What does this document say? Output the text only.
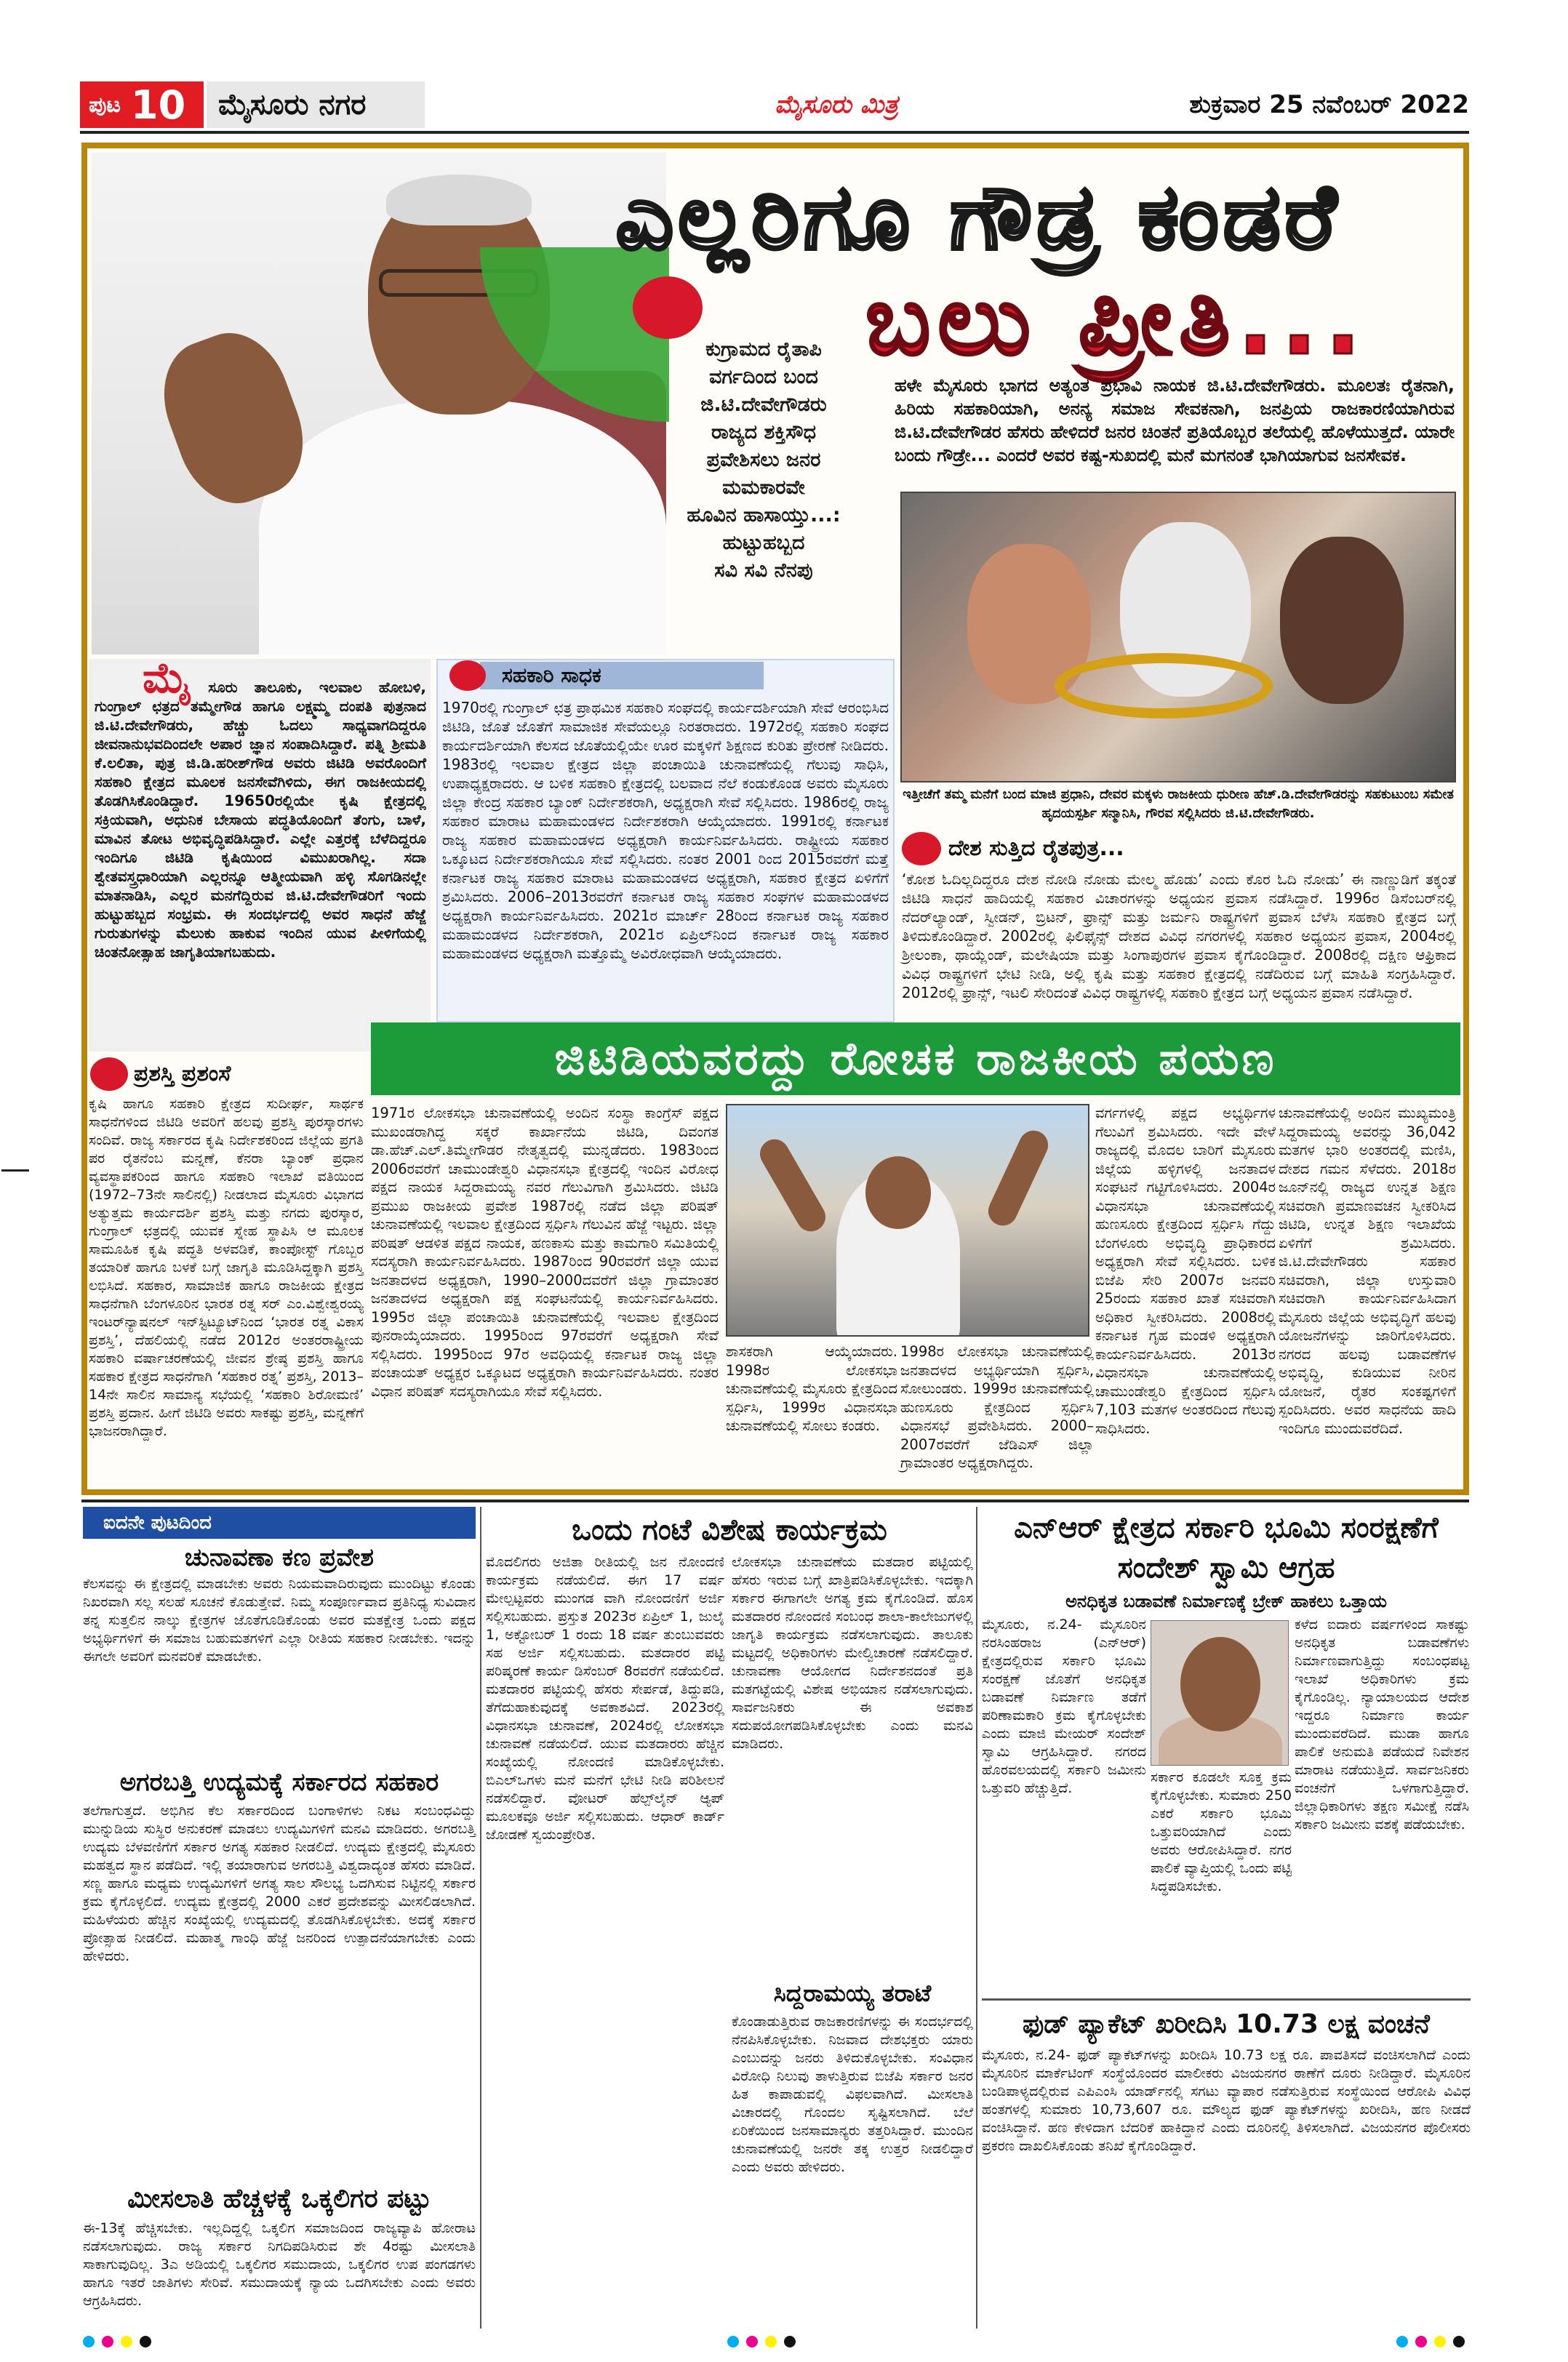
ಪುಟ 10	ಮೈಸೂರು ನಗರ	ಮೈಸೂರು ಮಿತ್ರ	ಶುಕ್ರವಾರ 25 ನವೆಂಬರ್ 2022
ಎಲ್ಲರಿಗೂ ಗೌಡ್ರ ಕಂಡರೆ
ಬಲು ಪ್ರೀತಿ...
ಕುಗ್ರಾಮದ ರೈತಾಪಿ
ವರ್ಗದಿಂದ ಬಂದ
ಜಿ.ಟಿ.ದೇವೇಗೌಡರು
ರಾಜ್ಯದ ಶಕ್ತಿಸೌಧ
ಪ್ರವೇಶಿಸಲು ಜನರ
ಮಮಕಾರವೇ
ಹೂವಿನ ಹಾಸಾಯ್ತು...:
ಹುಟ್ಟುಹಬ್ಬದ
ಸವಿ ಸವಿ ನೆನಪು
ಹಳೇ ಮೈಸೂರು ಭಾಗದ ಅತ್ಯಂತ ಪ್ರಭಾವಿ ನಾಯಕ ಜಿ.ಟಿ.ದೇವೇಗೌಡರು. ಮೂಲತಃ ರೈತನಾಗಿ, ಹಿರಿಯ ಸಹಕಾರಿಯಾಗಿ, ಅನನ್ಯ ಸಮಾಜ ಸೇವಕನಾಗಿ, ಜನಪ್ರಿಯ ರಾಜಕಾರಣಿಯಾಗಿರುವ ಜಿ.ಟಿ.ದೇವೇಗೌಡರ ಹೆಸರು ಹೇಳಿದರೆ ಜನರ ಚಿಂತನೆ ಪ್ರತಿಯೊಬ್ಬರ ತಲೆಯಲ್ಲಿ ಹೊಳೆಯುತ್ತದೆ. ಯಾರೇ ಬಂದು ಗೌಡ್ರೇ... ಎಂದರೆ ಅವರ ಕಷ್ಟ-ಸುಖದಲ್ಲಿ ಮನೆ ಮಗನಂತೆ ಭಾಗಿಯಾಗುವ ಜನಸೇವಕ.
ಇತ್ತೀಚೆಗೆ ತಮ್ಮ ಮನೆಗೆ ಬಂದ ಮಾಜಿ ಪ್ರಧಾನಿ, ದೇವರ ಮಕ್ಕಳು ರಾಜಕೀಯ ಧುರೀಣ ಹೆಚ್.ಡಿ.ದೇವೇಗೌಡರನ್ನು ಸಹಕುಟುಂಬ ಸಮೇತ ಹೃದಯಸ್ಪರ್ಶಿ ಸನ್ಮಾನಿಸಿ, ಗೌರವ ಸಲ್ಲಿಸಿದರು ಜಿ.ಟಿ.ದೇವೇಗೌಡರು.
ದೇಶ ಸುತ್ತಿದ ರೈತಪುತ್ರ...
‘ಕೋಶ ಓದಿಲ್ಲದಿದ್ದರೂ ದೇಶ ನೋಡಿ ನೋಡು ಮೇಲ್ಮ ಹೊಡು’ ಎಂದು ಕೊರ ಓದಿ ನೋಡು’ ಈ ನಾಣ್ಣುಡಿಗೆ ತಕ್ಕಂತೆ ಜಿಟಿಡಿ ಸಾಧನೆ ಹಾದಿಯಲ್ಲಿ ಸಹಕಾರ ವಿಚಾರಗಳನ್ನು ಅಧ್ಯಯನ ಪ್ರವಾಸ ನಡೆಸಿದ್ದಾರೆ. 1996ರ ಡಿಸೆಂಬರ್‌ನಲ್ಲಿ ನೆದರ್‌ಲ್ಯಾಂಡ್, ಸ್ವೀಡನ್, ಬ್ರಿಟನ್, ಫ್ರಾನ್ಸ್ ಮತ್ತು ಜರ್ಮನಿ ರಾಷ್ಟ್ರಗಳಿಗೆ ಪ್ರವಾಸ ಬೆಳೆಸಿ ಸಹಕಾರಿ ಕ್ಷೇತ್ರದ ಬಗ್ಗೆ ತಿಳಿದುಕೊಂಡಿದ್ದಾರೆ. 2002ರಲ್ಲಿ ಫಿಲಿಫೈನ್ಸ್ ದೇಶದ ವಿವಿಧ ನಗರಗಳಲ್ಲಿ ಸಹಕಾರ ಅಧ್ಯಯನ ಪ್ರವಾಸ, 2004ರಲ್ಲಿ ಶ್ರೀಲಂಕಾ, ಥಾಯ್ಲೆಂಡ್, ಮಲೇಷಿಯಾ ಮತ್ತು ಸಿಂಗಾಪುರಗಳ ಪ್ರವಾಸ ಕೈಗೊಂಡಿದ್ದಾರೆ. 2008ರಲ್ಲಿ ದಕ್ಷಿಣ ಆಫ್ರಿಕಾದ ವಿವಿಧ ರಾಷ್ಟ್ರಗಳಿಗೆ ಭೇಟಿ ನೀಡಿ, ಅಲ್ಲಿ ಕೃಷಿ ಮತ್ತು ಸಹಕಾರ ಕ್ಷೇತ್ರದಲ್ಲಿ ನಡೆದಿರುವ ಬಗ್ಗೆ ಮಾಹಿತಿ ಸಂಗ್ರಹಿಸಿದ್ದಾರೆ. 2012ರಲ್ಲಿ ಫ್ರಾನ್ಸ್, ಇಟಲಿ ಸೇರಿದಂತೆ ವಿವಿಧ ರಾಷ್ಟ್ರಗಳಲ್ಲಿ ಸಹಕಾರಿ ಕ್ಷೇತ್ರದ ಬಗ್ಗೆ ಅಧ್ಯಯನ ಪ್ರವಾಸ ನಡೆಸಿದ್ದಾರೆ.
ಮೈ ಸೂರು ತಾಲೂಕು, ಇಲವಾಲ ಹೋಬಳಿ, ಗುಂಗ್ರಾಲ್ ಛತ್ರದ ತಮ್ಮೇಗೌಡ ಹಾಗೂ ಲಕ್ಷ್ಮಮ್ಮ ದಂಪತಿ ಪುತ್ರನಾದ ಜಿ.ಟಿ.ದೇವೇಗೌಡರು, ಹೆಚ್ಚು ಓದಲು ಸಾಧ್ಯವಾಗದಿದ್ದರೂ ಜೀವನಾನುಭವದಿಂದಲೇ ಅಪಾರ ಜ್ಞಾನ ಸಂಪಾದಿಸಿದ್ದಾರೆ. ಪತ್ನಿ ಶ್ರೀಮತಿ ಕೆ.ಲಲಿತಾ, ಪುತ್ರ ಜಿ.ಡಿ.ಹರೀಶ್‌ಗೌಡ ಅವರು ಜಿಟಿಡಿ ಅವರೊಂದಿಗೆ ಸಹಕಾರಿ ಕ್ಷೇತ್ರದ ಮೂಲಕ ಜನಸೇವೆಗಿಳಿದು, ಈಗ ರಾಜಕೀಯದಲ್ಲಿ ತೊಡಗಿಸಿಕೊಂಡಿದ್ದಾರೆ. 19650ರಲ್ಲಿಯೇ ಕೃಷಿ ಕ್ಷೇತ್ರದಲ್ಲಿ ಸಕ್ರಿಯವಾಗಿ, ಅಧುನಿಕ ಬೇಸಾಯ ಪದ್ಧತಿಯೊಂದಿಗೆ ತೆಂಗು, ಬಾಳೆ, ಮಾವಿನ ತೋಟ ಅಭಿವೃದ್ಧಿಪಡಿಸಿದ್ದಾರೆ. ಎಲ್ಲೇ ಎತ್ತರಕ್ಕೆ ಬೆಳೆದಿದ್ದರೂ ಇಂದಿಗೂ ಜಿಟಿಡಿ ಕೃಷಿಯಿಂದ ವಿಮುಖರಾಗಿಲ್ಲ. ಸದಾ ಶ್ವೇತವಸ್ತ್ರಧಾರಿಯಾಗಿ ಎಲ್ಲರನ್ನೂ ಆತ್ಮೀಯವಾಗಿ ಹಳ್ಳಿ ಸೊಗಡಿನಲ್ಲೇ ಮಾತನಾಡಿಸಿ, ಎಲ್ಲರ ಮನಗೆದ್ದಿರುವ ಜಿ.ಟಿ.ದೇವೇಗೌಡರಿಗೆ ಇಂದು ಹುಟ್ಟುಹಬ್ಬದ ಸಂಭ್ರಮ. ಈ ಸಂದರ್ಭದಲ್ಲಿ ಅವರ ಸಾಧನೆ ಹೆಜ್ಜೆ ಗುರುತುಗಳನ್ನು ಮೆಲುಕು ಹಾಕುವ ಇಂದಿನ ಯುವ ಪೀಳಿಗೆಯಲ್ಲಿ ಚಿಂತನೋತ್ಸಾಹ ಜಾಗೃತಿಯಾಗಬಹುದು.
ಸಹಕಾರಿ ಸಾಧಕ
1970ರಲ್ಲಿ ಗುಂಗ್ರಾಲ್ ಛತ್ರ ಪ್ರಾಥಮಿಕ ಸಹಕಾರಿ ಸಂಘದಲ್ಲಿ ಕಾರ್ಯದರ್ಶಿಯಾಗಿ ಸೇವೆ ಆರಂಭಿಸಿದ ಜಿಟಿಡಿ, ಜೊತೆ ಜೊತೆಗೆ ಸಾಮಾಜಿಕ ಸೇವೆಯಲ್ಲೂ ನಿರತರಾದರು. 1972ರಲ್ಲಿ ಸಹಕಾರಿ ಸಂಘದ ಕಾರ್ಯದರ್ಶಿಯಾಗಿ ಕೆಲಸದ ಜೊತೆಯಲ್ಲಿಯೇ ಊರ ಮಕ್ಕಳಿಗೆ ಶಿಕ್ಷಣದ ಕುರಿತು ಪ್ರೇರಣೆ ನೀಡಿದರು. 1983ರಲ್ಲಿ ಇಲವಾಲ ಕ್ಷೇತ್ರದ ಜಿಲ್ಲಾ ಪಂಚಾಯಿತಿ ಚುನಾವಣೆಯಲ್ಲಿ ಗೆಲುವು ಸಾಧಿಸಿ, ಉಪಾಧ್ಯಕ್ಷರಾದರು. ಆ ಬಳಿಕ ಸಹಕಾರಿ ಕ್ಷೇತ್ರದಲ್ಲಿ ಬಲವಾದ ನೆಲೆ ಕಂಡುಕೊಂಡ ಅವರು ಮೈಸೂರು ಜಿಲ್ಲಾ ಕೇಂದ್ರ ಸಹಕಾರ ಬ್ಯಾಂಕ್ ನಿರ್ದೇಶಕರಾಗಿ, ಅಧ್ಯಕ್ಷರಾಗಿ ಸೇವೆ ಸಲ್ಲಿಸಿದರು. 1986ರಲ್ಲಿ ರಾಜ್ಯ ಸಹಕಾರ ಮಾರಾಟ ಮಹಾಮಂಡಳದ ನಿರ್ದೇಶಕರಾಗಿ ಆಯ್ಕೆಯಾದರು. 1991ರಲ್ಲಿ ಕರ್ನಾಟಕ ರಾಜ್ಯ ಸಹಕಾರ ಮಹಾಮಂಡಳದ ಅಧ್ಯಕ್ಷರಾಗಿ ಕಾರ್ಯನಿರ್ವಹಿಸಿದರು. ರಾಷ್ಟ್ರೀಯ ಸಹಕಾರ ಒಕ್ಕೂಟದ ನಿರ್ದೇಶಕರಾಗಿಯೂ ಸೇವೆ ಸಲ್ಲಿಸಿದರು. ನಂತರ 2001 ರಿಂದ 2015ರವರೆಗೆ ಮತ್ತೆ ಕರ್ನಾಟಕ ರಾಜ್ಯ ಸಹಕಾರ ಮಾರಾಟ ಮಹಾಮಂಡಳದ ಅಧ್ಯಕ್ಷರಾಗಿ, ಸಹಕಾರ ಕ್ಷೇತ್ರದ ಏಳಿಗೆಗೆ ಶ್ರಮಿಸಿದರು. 2006–2013ರವರೆಗೆ ಕರ್ನಾಟಕ ರಾಜ್ಯ ಸಹಕಾರ ಸಂಘಗಳ ಮಹಾಮಂಡಳದ ಅಧ್ಯಕ್ಷರಾಗಿ ಕಾರ್ಯನಿರ್ವಹಿಸಿದರು. 2021ರ ಮಾರ್ಚ್ 28ರಿಂದ ಕರ್ನಾಟಕ ರಾಜ್ಯ ಸಹಕಾರ ಮಹಾಮಂಡಳದ ನಿರ್ದೇಶಕರಾಗಿ, 2021ರ ಏಪ್ರಿಲ್‌ನಿಂದ ಕರ್ನಾಟಕ ರಾಜ್ಯ ಸಹಕಾರ ಮಹಾಮಂಡಳದ ಅಧ್ಯಕ್ಷರಾಗಿ ಮತ್ತೊಮ್ಮೆ ಅವಿರೋಧವಾಗಿ ಆಯ್ಕೆಯಾದರು.
ಜಿಟಿಡಿಯವರದ್ದು ರೋಚಕ ರಾಜಕೀಯ ಪಯಣ
ಪ್ರಶಸ್ತಿ ಪ್ರಶಂಸೆ
ಕೃಷಿ ಹಾಗೂ ಸಹಕಾರಿ ಕ್ಷೇತ್ರದ ಸುದೀರ್ಘ, ಸಾರ್ಥಕ ಸಾಧನೆಗಳಿಂದ ಜಿಟಿಡಿ ಅವರಿಗೆ ಹಲವು ಪ್ರಶಸ್ತಿ ಪುರಸ್ಕಾರಗಳು ಸಂದಿವೆ. ರಾಜ್ಯ ಸರ್ಕಾರದ ಕೃಷಿ ನಿರ್ದೇಶಕರಿಂದ ಜಿಲ್ಲೆಯ ಪ್ರಗತಿ ಪರ ರೈತನೆಂಬ ಮನ್ನಣೆ, ಕೆನರಾ ಬ್ಯಾಂಕ್ ಪ್ರಧಾನ ವ್ಯವಸ್ಥಾಪಕರಿಂದ ಹಾಗೂ ಸಹಕಾರಿ ಇಲಾಖೆ ವತಿಯಿಂದ (1972–73ನೇ ಸಾಲಿನಲ್ಲಿ) ನೀಡಲಾದ ಮೈಸೂರು ವಿಭಾಗದ ಅತ್ಯುತ್ತಮ ಕಾರ್ಯದರ್ಶಿ ಪ್ರಶಸ್ತಿ ಮತ್ತು ನಗದು ಪುರಸ್ಕಾರ, ಗುಂಗ್ರಾಲ್ ಛತ್ರದಲ್ಲಿ ಯುವಕ ಸ್ನೇಹ ಸ್ಥಾಪಿಸಿ ಆ ಮೂಲಕ ಸಾಮೂಹಿಕ ಕೃಷಿ ಪದ್ಧತಿ ಅಳವಡಿಕೆ, ಕಾಂಪೋಸ್ಟ್ ಗೊಬ್ಬರ ತಯಾರಿಕೆ ಹಾಗೂ ಬಳಕೆ ಬಗ್ಗೆ ಜಾಗೃತಿ ಮೂಡಿಸಿದ್ದಕ್ಕಾಗಿ ಪ್ರಶಸ್ತಿ ಲಭಿಸಿದೆ. ಸಹಕಾರ, ಸಾಮಾಜಿಕ ಹಾಗೂ ರಾಜಕೀಯ ಕ್ಷೇತ್ರದ ಸಾಧನೆಗಾಗಿ ಬೆಂಗಳೂರಿನ ಭಾರತ ರತ್ನ ಸರ್ ಎಂ.ವಿಶ್ವೇಶ್ವರಯ್ಯ ಇಂಟರ್‌ನ್ಯಾಷನಲ್ ಇನ್‌ಸ್ಟಿಟ್ಯೂಟ್‌ನಿಂದ ‘ಭಾರತ ರತ್ನ ವಿಕಾಸ ಪ್ರಶಸ್ತಿ’, ದೆಹಲಿಯಲ್ಲಿ ನಡೆದ 2012ರ ಅಂತರರಾಷ್ಟ್ರೀಯ ಸಹಕಾರಿ ವರ್ಷಾಚರಣೆಯಲ್ಲಿ ಜೀವನ ಶ್ರೇಷ್ಠ ಪ್ರಶಸ್ತಿ ಹಾಗೂ ಸಹಕಾರ ಕ್ಷೇತ್ರದ ಸಾಧನೆಗಾಗಿ ‘ಸಹಕಾರ ರತ್ನ’ ಪ್ರಶಸ್ತಿ, 2013–14ನೇ ಸಾಲಿನ ಸಾಮಾನ್ಯ ಸಭೆಯಲ್ಲಿ ‘ಸಹಕಾರಿ ಶಿರೋಮಣಿ’ ಪ್ರಶಸ್ತಿ ಪ್ರದಾನ. ಹೀಗೆ ಜಿಟಿಡಿ ಅವರು ಸಾಕಷ್ಟು ಪ್ರಶಸ್ತಿ, ಮನ್ನಣೆಗೆ ಭಾಜನರಾಗಿದ್ದಾರೆ.
1971ರ ಲೋಕಸಭಾ ಚುನಾವಣೆಯಲ್ಲಿ ಅಂದಿನ ಸಂಸ್ಥಾ ಕಾಂಗ್ರೆಸ್ ಪಕ್ಷದ ಮುಖಂಡರಾಗಿದ್ದ ಸಕ್ಕರೆ ಕಾರ್ಖಾನೆಯ ಜಿಟಿಡಿ, ದಿವಂಗತ ಡಾ.ಹೆಚ್.ಎಲ್.ತಿಮ್ಮೇಗೌಡರ ನೇತೃತ್ವದಲ್ಲಿ ಮುನ್ನಡೆದರು. 1983ರಿಂದ 2006ರವರೆಗೆ ಚಾಮುಂಡೇಶ್ವರಿ ವಿಧಾನಸಭಾ ಕ್ಷೇತ್ರದಲ್ಲಿ ಇಂದಿನ ವಿರೋಧ ಪಕ್ಷದ ನಾಯಕ ಸಿದ್ದರಾಮಯ್ಯ ನವರ ಗೆಲುವಿಗಾಗಿ ಶ್ರಮಿಸಿದರು. ಜಿಟಿಡಿ ಪ್ರಮುಖ ರಾಜಕೀಯ ಪ್ರವೇಶ 1987ರಲ್ಲಿ ನಡೆದ ಜಿಲ್ಲಾ ಪರಿಷತ್ ಚುನಾವಣೆಯಲ್ಲಿ ಇಲವಾಲ ಕ್ಷೇತ್ರದಿಂದ ಸ್ಪರ್ಧಿಸಿ ಗೆಲುವಿನ ಹೆಜ್ಜೆ ಇಟ್ಟರು. ಜಿಲ್ಲಾ ಪರಿಷತ್ ಆಡಳಿತ ಪಕ್ಷದ ನಾಯಕ, ಹಣಕಾಸು ಮತ್ತು ಕಾಮಗಾರಿ ಸಮಿತಿಯಲ್ಲಿ ಸದಸ್ಯರಾಗಿ ಕಾರ್ಯನಿರ್ವಹಿಸಿದರು. 1987ರಿಂದ 90ರವರೆಗೆ ಜಿಲ್ಲಾ ಯುವ ಜನತಾದಳದ ಅಧ್ಯಕ್ಷರಾಗಿ, 1990–2000ದವರೆಗೆ ಜಿಲ್ಲಾ ಗ್ರಾಮಾಂತರ ಜನತಾದಳದ ಅಧ್ಯಕ್ಷರಾಗಿ ಪಕ್ಷ ಸಂಘಟನೆಯಲ್ಲಿ ಕಾರ್ಯನಿರ್ವಹಿಸಿದರು. 1995ರ ಜಿಲ್ಲಾ ಪಂಚಾಯಿತಿ ಚುನಾವಣೆಯಲ್ಲಿ ಇಲವಾಲ ಕ್ಷೇತ್ರದಿಂದ ಪುನರಾಯ್ಕೆಯಾದರು. 1995ರಿಂದ 97ರವರೆಗೆ ಅಧ್ಯಕ್ಷರಾಗಿ ಸೇವೆ ಸಲ್ಲಿಸಿದರು. 1995ರಿಂದ 97ರ ಅವಧಿಯಲ್ಲಿ ಕರ್ನಾಟಕ ರಾಜ್ಯ ಜಿಲ್ಲಾ ಪಂಚಾಯತ್ ಅಧ್ಯಕ್ಷರ ಒಕ್ಕೂಟದ ಅಧ್ಯಕ್ಷರಾಗಿ ಕಾರ್ಯನಿರ್ವಹಿಸಿದರು. ನಂತರ ವಿಧಾನ ಪರಿಷತ್ ಸದಸ್ಯರಾಗಿಯೂ ಸೇವೆ ಸಲ್ಲಿಸಿದರು.
ಶಾಸಕರಾಗಿ ಆಯ್ಕೆಯಾದರು. 1998ರ ಲೋಕಸಭಾ ಚುನಾವಣೆಯಲ್ಲಿ ಮೈಸೂರು ಕ್ಷೇತ್ರದಿಂದ ಸ್ಪರ್ಧಿಸಿ, 1999ರ ವಿಧಾನಸಭಾ ಚುನಾವಣೆಯಲ್ಲಿ ಸೋಲು ಕಂಡರು.
1998ರ ಲೋಕಸಭಾ ಚುನಾವಣೆಯಲ್ಲಿ ಜನತಾದಳದ ಅಭ್ಯರ್ಥಿಯಾಗಿ ಸ್ಪರ್ಧಿಸಿ, ಸೋಲುಂಡರು. 1999ರ ಚುನಾವಣೆಯಲ್ಲಿ ಹುಣಸೂರು ಕ್ಷೇತ್ರದಿಂದ ಸ್ಪರ್ಧಿಸಿ ವಿಧಾನಸಭೆ ಪ್ರವೇಶಿಸಿದರು. 2000–2007ರವರೆಗೆ ಜೆಡಿಎಸ್ ಜಿಲ್ಲಾ ಗ್ರಾಮಾಂತರ ಅಧ್ಯಕ್ಷರಾಗಿದ್ದರು.
ವರ್ಗಗಳಲ್ಲಿ ಪಕ್ಷದ ಅಭ್ಯರ್ಥಿಗಳ ಗೆಲುವಿಗೆ ಶ್ರಮಿಸಿದರು. ಇದೇ ವೇಳೆ ರಾಜ್ಯದಲ್ಲಿ ಮೊದಲ ಬಾರಿಗೆ ಮೈಸೂರು ಜಿಲ್ಲೆಯ ಹಳ್ಳಿಗಳಲ್ಲಿ ಜನತಾದಳ ಸಂಘಟನೆ ಗಟ್ಟಿಗೊಳಿಸಿದರು. 2004ರ ವಿಧಾನಸಭಾ ಚುನಾವಣೆಯಲ್ಲಿ ಹುಣಸೂರು ಕ್ಷೇತ್ರದಿಂದ ಸ್ಪರ್ಧಿಸಿ ಗೆದ್ದು ಬೆಂಗಳೂರು ಅಭಿವೃದ್ಧಿ ಪ್ರಾಧಿಕಾರದ ಅಧ್ಯಕ್ಷರಾಗಿ ಸೇವೆ ಸಲ್ಲಿಸಿದರು. ಬಳಿಕ ಬಿಜೆಪಿ ಸೇರಿ 2007ರ ಜನವರಿ 25ರಂದು ಸಹಕಾರ ಖಾತೆ ಸಚಿವರಾಗಿ ಅಧಿಕಾರ ಸ್ವೀಕರಿಸಿದರು. 2008ರಲ್ಲಿ ಕರ್ನಾಟಕ ಗೃಹ ಮಂಡಳಿ ಅಧ್ಯಕ್ಷರಾಗಿ ಕಾರ್ಯನಿರ್ವಹಿಸಿದರು. 2013ರ ವಿಧಾನಸಭಾ ಚುನಾವಣೆಯಲ್ಲಿ ಚಾಮುಂಡೇಶ್ವರಿ ಕ್ಷೇತ್ರದಿಂದ ಸ್ಪರ್ಧಿಸಿ 7,103 ಮತಗಳ ಅಂತರದಿಂದ ಗೆಲುವು ಸಾಧಿಸಿದರು.
ಚುನಾವಣೆಯಲ್ಲಿ ಅಂದಿನ ಮುಖ್ಯಮಂತ್ರಿ ಸಿದ್ದರಾಮಯ್ಯ ಅವರನ್ನು 36,042 ಮತಗಳ ಭಾರಿ ಅಂತರದಲ್ಲಿ ಮಣಿಸಿ, ದೇಶದ ಗಮನ ಸೆಳೆದರು. 2018ರ ಜೂನ್‌ನಲ್ಲಿ ರಾಜ್ಯದ ಉನ್ನತ ಶಿಕ್ಷಣ ಸಚಿವರಾಗಿ ಪ್ರಮಾಣವಚನ ಸ್ವೀಕರಿಸಿದ ಜಿಟಿಡಿ, ಉನ್ನತ ಶಿಕ್ಷಣ ಇಲಾಖೆಯ ಏಳಿಗೆಗೆ ಶ್ರಮಿಸಿದರು. ಜಿ.ಟಿ.ದೇವೇಗೌಡರು ಸಹಕಾರ ಸಚಿವರಾಗಿ, ಜಿಲ್ಲಾ ಉಸ್ತುವಾರಿ ಸಚಿವರಾಗಿ ಕಾರ್ಯನಿರ್ವಹಿಸಿದಾಗ ಮೈಸೂರು ಜಿಲ್ಲೆಯ ಅಭಿವೃದ್ಧಿಗೆ ಹಲವು ಯೋಜನೆಗಳನ್ನು ಜಾರಿಗೊಳಿಸಿದರು. ನಗರದ ಹಲವು ಬಡಾವಣೆಗಳ ಅಭಿವೃದ್ಧಿ, ಕುಡಿಯುವ ನೀರಿನ ಯೋಜನೆ, ರೈತರ ಸಂಕಷ್ಟಗಳಿಗೆ ಸ್ಪಂದಿಸಿದರು. ಅವರ ಸಾಧನೆಯ ಹಾದಿ ಇಂದಿಗೂ ಮುಂದುವರೆದಿದೆ.
ಐದನೇ ಪುಟದಿಂದ
ಚುನಾವಣಾ ಕಣ ಪ್ರವೇಶ
ಕೆಲಸವನ್ನು ಈ ಕ್ಷೇತ್ರದಲ್ಲಿ ಮಾಡಬೇಕು ಅವರು ನಿಯಮವಾದಿರುವುದು ಮುಂದಿಟ್ಟು ಕೊಂಡು ನಿಖರವಾಗಿ ಸಲ್ಲ ಸಲಹೆ ಸೂಚನೆ ಕೊಡುತ್ತೇವೆ. ನಿಮ್ಮ ಸಂಪೂರ್ಣವಾದ ಪ್ರತಿನಿಧ್ಯ ಸುವಿದಾನ ತನ್ನ ಸುತ್ತಲಿನ ನಾಲ್ಕು ಕ್ಷೇತ್ರಗಳ ಜೊತೆಗೂಡಿಕೊಂಡು ಅವರ ಮತಕ್ಷೇತ್ರ ಒಂದು ಪಕ್ಷದ ಅಭ್ಯರ್ಥಿಗಳಿಗೆ ಈ ಸಮಾಜ ಬಹುಮತಗಳಿಗೆ ಎಲ್ಲಾ ರೀತಿಯ ಸಹಕಾರ ನೀಡಬೇಕು. ಇದನ್ನು ಈಗಲೇ ಅವರಿಗೆ ಮನವರಿಕೆ ಮಾಡಬೇಕು.
ಅಗರಬತ್ತಿ ಉದ್ಯಮಕ್ಕೆ ಸರ್ಕಾರದ ಸಹಕಾರ
ತಲೆಗಾಗುತ್ತದೆ. ಅಭಿಗಿನ ಕೆಲ ಸರ್ಕಾರದಿಂದ ಬಂಗಾಳಿಗಳು ನಿಕಟ ಸಂಬಂಧವಿದ್ದು ಮುನ್ನುಡಿಯ ಸುಸ್ಥಿರ ಅನುಕರಣೆ ಮಾಡಲು ಉದ್ಯಮಿಗಳಿಗೆ ಮನವಿ ಮಾಡಿದರು. ಅಗರಬತ್ತಿ ಉದ್ಯಮ ಬೆಳವಣಿಗೆಗೆ ಸರ್ಕಾರ ಅಗತ್ಯ ಸಹಕಾರ ನೀಡಲಿದೆ. ಉದ್ಯಮ ಕ್ಷೇತ್ರದಲ್ಲಿ ಮೈಸೂರು ಮಹತ್ವದ ಸ್ಥಾನ ಪಡೆದಿದೆ. ಇಲ್ಲಿ ತಯಾರಾಗುವ ಅಗರಬತ್ತಿ ವಿಶ್ವದಾದ್ಯಂತ ಹೆಸರು ಮಾಡಿದೆ. ಸಣ್ಣ ಹಾಗೂ ಮಧ್ಯಮ ಉದ್ಯಮಿಗಳಿಗೆ ಅಗತ್ಯ ಸಾಲ ಸೌಲಭ್ಯ ಒದಗಿಸುವ ನಿಟ್ಟಿನಲ್ಲಿ ಸರ್ಕಾರ ಕ್ರಮ ಕೈಗೊಳ್ಳಲಿದೆ. ಉದ್ಯಮ ಕ್ಷೇತ್ರದಲ್ಲಿ 2000 ಎಕರೆ ಪ್ರದೇಶವನ್ನು ಮೀಸಲಿಡಲಾಗಿದೆ. ಮಹಿಳೆಯರು ಹೆಚ್ಚಿನ ಸಂಖ್ಯೆಯಲ್ಲಿ ಉದ್ಯಮದಲ್ಲಿ ತೊಡಗಿಸಿಕೊಳ್ಳಬೇಕು. ಅದಕ್ಕೆ ಸರ್ಕಾರ ಪ್ರೋತ್ಸಾಹ ನೀಡಲಿದೆ. ಮಹಾತ್ಮ ಗಾಂಧಿ ಹೆಜ್ಜೆ ಜನರಿಂದ ಉತ್ಪಾದನೆಯಾಗಬೇಕು ಎಂದು ಹೇಳಿದರು.
ಮೀಸಲಾತಿ ಹೆಚ್ಚಳಕ್ಕೆ ಒಕ್ಕಲಿಗರ ಪಟ್ಟು
ಈ-13ಕ್ಕೆ ಹೆಚ್ಚಿಸಬೇಕು. ಇಲ್ಲದಿದ್ದಲ್ಲಿ ಒಕ್ಕಲಿಗ ಸಮಾಜದಿಂದ ರಾಜ್ಯವ್ಯಾಪಿ ಹೋರಾಟ ನಡೆಸಲಾಗುವುದು. ರಾಜ್ಯ ಸರ್ಕಾರ ನಿಗದಿಪಡಿಸಿರುವ ಶೇ 4ರಷ್ಟು ಮೀಸಲಾತಿ ಸಾಕಾಗುವುದಿಲ್ಲ. 3ಎ ಅಡಿಯಲ್ಲಿ ಒಕ್ಕಲಿಗರ ಸಮುದಾಯ, ಒಕ್ಕಲಿಗರ ಉಪ ಪಂಗಡಗಳು ಹಾಗೂ ಇತರೆ ಜಾತಿಗಳು ಸೇರಿವೆ. ಸಮುದಾಯಕ್ಕೆ ನ್ಯಾಯ ಒದಗಿಸಬೇಕು ಎಂದು ಅವರು ಆಗ್ರಹಿಸಿದರು.
ಒಂದು ಗಂಟೆ ವಿಶೇಷ ಕಾರ್ಯಕ್ರಮ
ಮೊದಲಿಗರು ಅಜಿತಾ ರೀತಿಯಲ್ಲಿ ಜನ ನೋಂದಣಿ ಕಾರ್ಯಕ್ರಮ ನಡೆಯಲಿದೆ. ಈಗ 17 ವರ್ಷ ಮೇಲ್ಪಟ್ಟವರು ಮುಂಗಡ ವಾಗಿ ನೋಂದಣಿಗೆ ಅರ್ಜಿ ಸಲ್ಲಿಸಬಹುದು. ಪ್ರಸ್ತುತ 2023ರ ಏಪ್ರಿಲ್ 1, ಜುಲೈ 1, ಅಕ್ಟೋಬರ್ 1 ರಂದು 18 ವರ್ಷ ತುಂಬುವವರು ಸಹ ಅರ್ಜಿ ಸಲ್ಲಿಸಬಹುದು. ಮತದಾರರ ಪಟ್ಟಿ ಪರಿಷ್ಕರಣೆ ಕಾರ್ಯ ಡಿಸೆಂಬರ್ 8ರವರೆಗೆ ನಡೆಯಲಿದೆ. ಮತದಾರರ ಪಟ್ಟಿಯಲ್ಲಿ ಹೆಸರು ಸೇರ್ಪಡೆ, ತಿದ್ದುಪಡಿ, ತೆಗೆದುಹಾಕುವುದಕ್ಕೆ ಅವಕಾಶವಿದೆ. 2023ರಲ್ಲಿ ವಿಧಾನಸಭಾ ಚುನಾವಣೆ, 2024ರಲ್ಲಿ ಲೋಕಸಭಾ ಚುನಾವಣೆ ನಡೆಯಲಿದೆ. ಯುವ ಮತದಾರರು ಹೆಚ್ಚಿನ ಸಂಖ್ಯೆಯಲ್ಲಿ ನೋಂದಣಿ ಮಾಡಿಕೊಳ್ಳಬೇಕು. ಬಿಎಲ್‌ಒಗಳು ಮನೆ ಮನೆಗೆ ಭೇಟಿ ನೀಡಿ ಪರಿಶೀಲನೆ ನಡೆಸಲಿದ್ದಾರೆ. ವೋಟರ್ ಹೆಲ್ಪ್‌ಲೈನ್ ಆ್ಯಪ್ ಮೂಲಕವೂ ಅರ್ಜಿ ಸಲ್ಲಿಸಬಹುದು. ಆಧಾರ್ ಕಾರ್ಡ್ ಜೋಡಣೆ ಸ್ವಯಂಪ್ರೇರಿತ.
ಲೋಕಸಭಾ ಚುನಾವಣೆಯ ಮತದಾರ ಪಟ್ಟಿಯಲ್ಲಿ ಹೆಸರು ಇರುವ ಬಗ್ಗೆ ಖಾತ್ರಿಪಡಿಸಿಕೊಳ್ಳಬೇಕು. ಇದಕ್ಕಾಗಿ ಸರ್ಕಾರ ಈಗಾಗಲೇ ಅಗತ್ಯ ಕ್ರಮ ಕೈಗೊಂಡಿದೆ. ಹೊಸ ಮತದಾರರ ನೋಂದಣಿ ಸಂಬಂಧ ಶಾಲಾ-ಕಾಲೇಜುಗಳಲ್ಲಿ ಜಾಗೃತಿ ಕಾರ್ಯಕ್ರಮ ನಡೆಸಲಾಗುವುದು. ತಾಲೂಕು ಮಟ್ಟದಲ್ಲಿ ಅಧಿಕಾರಿಗಳು ಮೇಲ್ವಿಚಾರಣೆ ನಡೆಸಲಿದ್ದಾರೆ. ಚುನಾವಣಾ ಆಯೋಗದ ನಿರ್ದೇಶನದಂತೆ ಪ್ರತಿ ಮತಗಟ್ಟೆಯಲ್ಲಿ ವಿಶೇಷ ಅಭಿಯಾನ ನಡೆಸಲಾಗುವುದು. ಸಾರ್ವಜನಿಕರು ಈ ಅವಕಾಶ ಸದುಪಯೋಗಪಡಿಸಿಕೊಳ್ಳಬೇಕು ಎಂದು ಮನವಿ ಮಾಡಿದರು.
ಸಿದ್ದರಾಮಯ್ಯ ತರಾಟೆ
ಕೊಂಡಾಡುತ್ತಿರುವ ರಾಜಕಾರಣಿಗಳನ್ನು ಈ ಸಂದರ್ಭದಲ್ಲಿ ನೆನಪಿಸಿಕೊಳ್ಳಬೇಕು. ನಿಜವಾದ ದೇಶಭಕ್ತರು ಯಾರು ಎಂಬುದನ್ನು ಜನರು ತಿಳಿದುಕೊಳ್ಳಬೇಕು. ಸಂವಿಧಾನ ವಿರೋಧಿ ನಿಲುವು ತಾಳುತ್ತಿರುವ ಬಿಜೆಪಿ ಸರ್ಕಾರ ಜನರ ಹಿತ ಕಾಪಾಡುವಲ್ಲಿ ವಿಫಲವಾಗಿದೆ. ಮೀಸಲಾತಿ ವಿಚಾರದಲ್ಲಿ ಗೊಂದಲ ಸೃಷ್ಟಿಸಲಾಗಿದೆ. ಬೆಲೆ ಏರಿಕೆಯಿಂದ ಜನಸಾಮಾನ್ಯರು ತತ್ತರಿಸಿದ್ದಾರೆ. ಮುಂದಿನ ಚುನಾವಣೆಯಲ್ಲಿ ಜನರೇ ತಕ್ಕ ಉತ್ತರ ನೀಡಲಿದ್ದಾರೆ ಎಂದು ಅವರು ಹೇಳಿದರು.
ಎನ್‌ಆರ್ ಕ್ಷೇತ್ರದ ಸರ್ಕಾರಿ ಭೂಮಿ ಸಂರಕ್ಷಣೆಗೆ ಸಂದೇಶ್ ಸ್ವಾಮಿ ಆಗ್ರಹ
ಅನಧಿಕೃತ ಬಡಾವಣೆ ನಿರ್ಮಾಣಕ್ಕೆ ಬ್ರೇಕ್ ಹಾಕಲು ಒತ್ತಾಯ
ಮೈಸೂರು, ನ.24- ಮೈಸೂರಿನ ನರಸಿಂಹರಾಜ (ಎನ್‌ಆರ್) ಕ್ಷೇತ್ರದಲ್ಲಿರುವ ಸರ್ಕಾರಿ ಭೂಮಿ ಸಂರಕ್ಷಣೆ ಜೊತೆಗೆ ಅನಧಿಕೃತ ಬಡಾವಣೆ ನಿರ್ಮಾಣ ತಡೆಗೆ ಪರಿಣಾಮಕಾರಿ ಕ್ರಮ ಕೈಗೊಳ್ಳಬೇಕು ಎಂದು ಮಾಜಿ ಮೇಯರ್ ಸಂದೇಶ್ ಸ್ವಾಮಿ ಆಗ್ರಹಿಸಿದ್ದಾರೆ. ನಗರದ ಹೊರವಲಯದಲ್ಲಿ ಸರ್ಕಾರಿ ಜಮೀನು ಒತ್ತುವರಿ ಹೆಚ್ಚುತ್ತಿದೆ.
ಕಳೆದ ಐದಾರು ವರ್ಷಗಳಿಂದ ಸಾಕಷ್ಟು ಅನಧಿಕೃತ ಬಡಾವಣೆಗಳು ನಿರ್ಮಾಣವಾಗುತ್ತಿದ್ದು ಸಂಬಂಧಪಟ್ಟ ಇಲಾಖೆ ಅಧಿಕಾರಿಗಳು ಕ್ರಮ ಕೈಗೊಂಡಿಲ್ಲ. ನ್ಯಾಯಾಲಯದ ಆದೇಶ ಇದ್ದರೂ ನಿರ್ಮಾಣ ಕಾರ್ಯ ಮುಂದುವರೆದಿದೆ. ಮುಡಾ ಹಾಗೂ ಪಾಲಿಕೆ ಅನುಮತಿ ಪಡೆಯದೆ ನಿವೇಶನ ಮಾರಾಟ ನಡೆಯುತ್ತಿದೆ. ಸಾರ್ವಜನಿಕರು ವಂಚನೆಗೆ ಒಳಗಾಗುತ್ತಿದ್ದಾರೆ. ಜಿಲ್ಲಾಧಿಕಾರಿಗಳು ತಕ್ಷಣ ಸಮೀಕ್ಷೆ ನಡೆಸಿ ಸರ್ಕಾರಿ ಜಮೀನು ವಶಕ್ಕೆ ಪಡೆಯಬೇಕು.
ಸರ್ಕಾರ ಕೂಡಲೇ ಸೂಕ್ತ ಕ್ರಮ ಕೈಗೊಳ್ಳಬೇಕು. ಸುಮಾರು 250 ಎಕರೆ ಸರ್ಕಾರಿ ಭೂಮಿ ಒತ್ತುವರಿಯಾಗಿದೆ ಎಂದು ಅವರು ಆರೋಪಿಸಿದ್ದಾರೆ. ನಗರ ಪಾಲಿಕೆ ವ್ಯಾಪ್ತಿಯಲ್ಲಿ ಒಂದು ಪಟ್ಟಿ ಸಿದ್ಧಪಡಿಸಬೇಕು.
ಫುಡ್ ಪ್ಯಾಕೆಟ್ ಖರೀದಿಸಿ 10.73 ಲಕ್ಷ ವಂಚನೆ
ಮೈಸೂರು, ನ.24- ಫುಡ್ ಪ್ಯಾಕೆಟ್‌ಗಳನ್ನು ಖರೀದಿಸಿ 10.73 ಲಕ್ಷ ರೂ. ಪಾವತಿಸದೆ ವಂಚಿಸಲಾಗಿದೆ ಎಂದು ಮೈಸೂರಿನ ಮಾರ್ಕೆಟಿಂಗ್ ಸಂಸ್ಥೆಯೊಂದರ ಮಾಲೀಕರು ವಿಜಯನಗರ ಠಾಣೆಗೆ ದೂರು ನೀಡಿದ್ದಾರೆ. ಮೈಸೂರಿನ ಬಂಡಿಪಾಳ್ಯದಲ್ಲಿರುವ ಎಪಿಎಂಸಿ ಯಾರ್ಡ್‌ನಲ್ಲಿ ಸಗಟು ವ್ಯಾಪಾರ ನಡೆಸುತ್ತಿರುವ ಸಂಸ್ಥೆಯಿಂದ ಆರೋಪಿ ವಿವಿಧ ಹಂತಗಳಲ್ಲಿ ಸುಮಾರು 10,73,607 ರೂ. ಮೌಲ್ಯದ ಫುಡ್ ಪ್ಯಾಕೆಟ್‌ಗಳನ್ನು ಖರೀದಿಸಿ, ಹಣ ನೀಡದೆ ವಂಚಿಸಿದ್ದಾನೆ. ಹಣ ಕೇಳಿದಾಗ ಬೆದರಿಕೆ ಹಾಕಿದ್ದಾನೆ ಎಂದು ದೂರಿನಲ್ಲಿ ತಿಳಿಸಲಾಗಿದೆ. ವಿಜಯನಗರ ಪೊಲೀಸರು ಪ್ರಕರಣ ದಾಖಲಿಸಿಕೊಂಡು ತನಿಖೆ ಕೈಗೊಂಡಿದ್ದಾರೆ.
